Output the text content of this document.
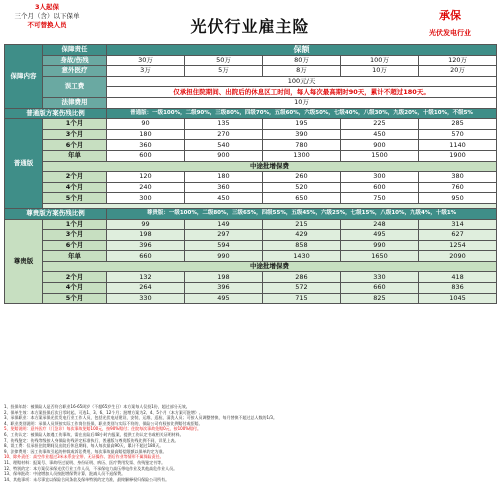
3人起保
三个月（含）以下保单
不可替换人员	光伏行业雇主险
承保
光伏发电行业
保障内容	保障责任	保额				
	身故/伤残	30万	50万	80万	100万	120万
	意外医疗	3万	5万	8万	10万	20万
	误工费	100元/天				
		仅承担住院期间、出院后的休息区工时间，每人每次最高期时90天，累计不超过180天。				
	法律费用	10万				
普通版方案伤残比例		普通版：一级100%，二级90%，三级80%，四级70%，五级60%，六级50%，七级40%，八级30%，九级20%，十级10%，不级5%				
普通版	1个月	90	135	195	225	285
	3个月	180	270	390	450	570
	6个月	360	540	780	900	1140
	年单	600	900	1300	1500	1900
	中途批增保费					
	2个月	120	180	260	300	380
	4个月	240	360	520	600	760
	5个月	300	450	650	750	950

尊贵版方案伤残比例		尊贵版：一级100%，二级80%，三级65%，四级55%，五级45%，六级25%，七级15%，八级10%，九级4%，十级1%				
尊贵版	1个月	99	149	215	248	314
	3个月	198	297	429	495	627
	6个月	396	594	858	990	1254
	年单	660	990	1430	1650	2090
	中途批增保费					
	2个月	132	198	286	330	418
	4个月	264	396	572	660	836
	5个月	330	495	715	825	1045

1、投保年龄：被保险人是否符合职业16-65周岁（不超65岁生日）本方案每人仅投1份，超过部分无效。

2、保单生效：本方案投保后次日零时起，可选1、3、6、12个月；批增方案为2、4、5个月（本方案可批增）。

3、承保职业：本方案承保光伏发电行业工作人员，包括光伏电站建设、安装、运维、巡检、清洗人员；可按人员调整替换，每月替换不超过总人数的1/3。

4、职业类别说明：承保人员须按实际工作岗位投保，职业类别与实际不符的，保险公司有权按比例赔付或拒赔。

5、免赔说明：意外医疗（门急诊）每次事故免赔100元，按90%赔付；住院每次事故免赔0元，按100%赔付。

6、工伤认定：被保险人如遇工伤事故，需在出险后48小时内报案，提供工伤认定书或相关证明材料。

7、伤残鉴定：伤残等级按人身保险伤残评定标准执行，普通版与尊贵版伤残比例不同，详见上表。

8、误工费：仅承担住院期间及出院后休息期间，每人每次最高90天，累计不超过180天。

9、法律费用：因工伤事故引起的仲裁或诉讼费用，每次事故最高赔偿限额以保单约定为准。

10、除外责任：高空作业超过3米未系安全带、无证操作、酒后作业等情形不属保险责任。

11、理赔材料：报案号、事故经过说明、身份证明、病历、医疗费用发票、伤残鉴定书等。

12、特别约定：本方案仅承保光伏行业工作人员，不承保电力高压带电作业及其他高危作业人员。

13、保单批改：中途增加人员按批增保费计算，批减人员不退保费。

14、其他事项：未尽事宜以保险合同条款及保单特别约定为准，最终解释权归保险公司所有。
